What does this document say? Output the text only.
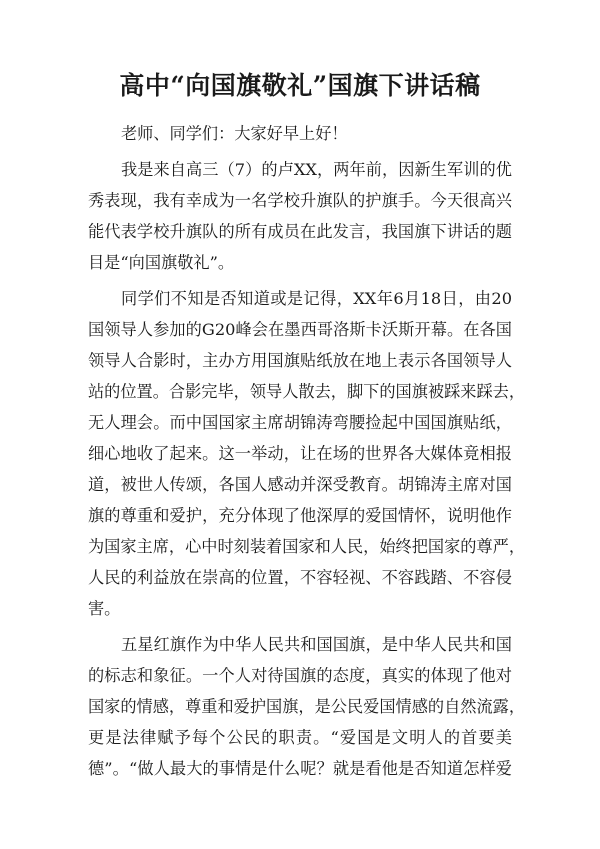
高中“向国旗敬礼”国旗下讲话稿
老师、同学们：大家好早上好！
我是来自高三（7）的卢XX，两年前，因新生军训的优
秀表现，我有幸成为一名学校升旗队的护旗手。今天很高兴
能代表学校升旗队的所有成员在此发言，我国旗下讲话的题
目是“向国旗敬礼”。
同学们不知是否知道或是记得，XX年6月18日，由20
国领导人参加的G20峰会在墨西哥洛斯卡沃斯开幕。在各国
领导人合影时，主办方用国旗贴纸放在地上表示各国领导人
站的位置。合影完毕，领导人散去，脚下的国旗被踩来踩去，
无人理会。而中国国家主席胡锦涛弯腰捡起中国国旗贴纸，
细心地收了起来。这一举动，让在场的世界各大媒体竟相报
道，被世人传颂，各国人感动并深受教育。胡锦涛主席对国
旗的尊重和爱护，充分体现了他深厚的爱国情怀，说明他作
为国家主席，心中时刻装着国家和人民，始终把国家的尊严，
人民的利益放在崇高的位置，不容轻视、不容践踏、不容侵
害。
五星红旗作为中华人民共和国国旗，是中华人民共和国
的标志和象征。一个人对待国旗的态度，真实的体现了他对
国家的情感，尊重和爱护国旗，是公民爱国情感的自然流露，
更是法律赋予每个公民的职责。“爱国是文明人的首要美
德”。“做人最大的事情是什么呢？就是看他是否知道怎样爱
